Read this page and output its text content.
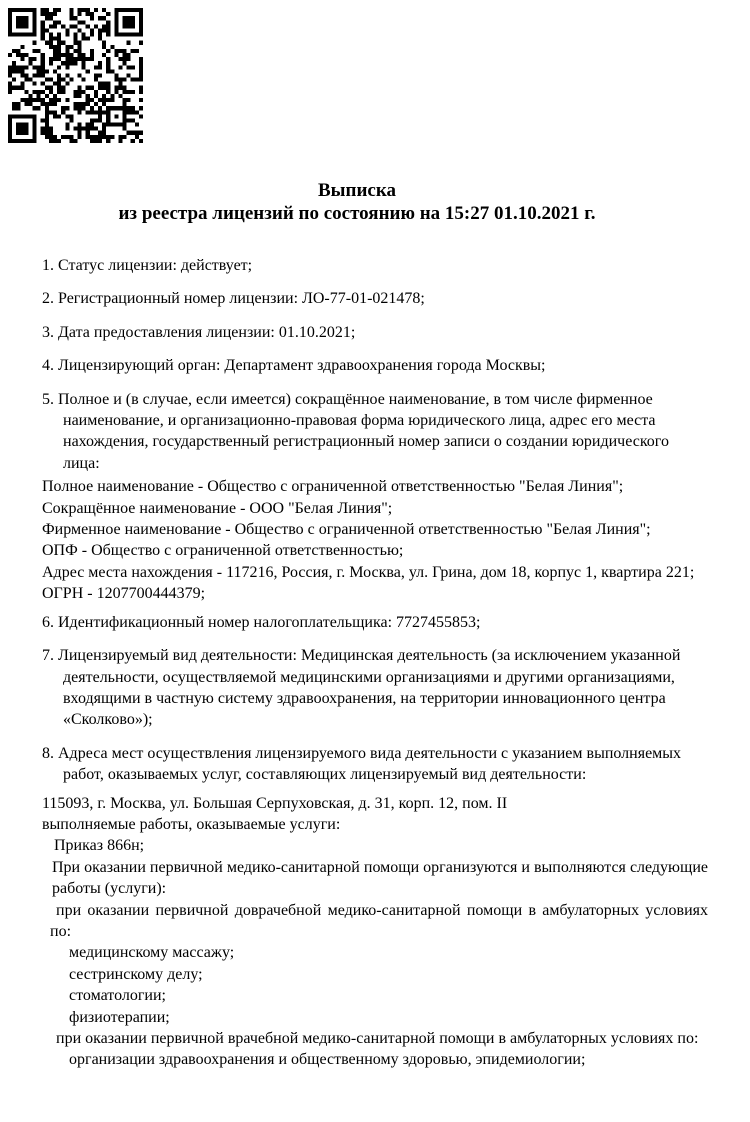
Выписка

из реестра лицензий по состоянию на 15:27 01.10.2021 г.

1. Статус лицензии: действует;

2. Регистрационный номер лицензии: ЛО-77-01-021478;

3. Дата предоставления лицензии: 01.10.2021;

4. Лицензирующий орган: Департамент здравоохранения города Москвы;

5. Полное и (в случае, если имеется) сокращённое наименование, в том числе фирменное наименование, и организационно-правовая форма юридического лица, адрес его места нахождения, государственный регистрационный номер записи о создании юридического лица:

Полное наименование - Общество с ограниченной ответственностью "Белая Линия";

Сокращённое наименование - ООО "Белая Линия";

Фирменное наименование - Общество с ограниченной ответственностью "Белая Линия";

ОПФ - Общество с ограниченной ответственностью;

Адрес места нахождения - 117216, Россия, г. Москва, ул. Грина, дом 18, корпус 1, квартира 221;

ОГРН - 1207700444379;

6. Идентификационный номер налогоплательщика: 7727455853;

7. Лицензируемый вид деятельности: Медицинская деятельность (за исключением указанной деятельности, осуществляемой медицинскими организациями и другими организациями, входящими в частную систему здравоохранения, на территории инновационного центра «Сколково»);

8. Адреса мест осуществления лицензируемого вида деятельности с указанием выполняемых работ, оказываемых услуг, составляющих лицензируемый вид деятельности:

115093, г. Москва, ул. Большая Серпуховская, д. 31, корп. 12, пом. II

выполняемые работы, оказываемые услуги:

Приказ 866н;

При оказании первичной медико-санитарной помощи организуются и выполняются следующие работы (услуги):

при оказании первичной доврачебной медико-санитарной помощи в амбулаторных условиях по:

медицинскому массажу;

сестринскому делу;

стоматологии;

физиотерапии;

при оказании первичной врачебной медико-санитарной помощи в амбулаторных условиях по:

организации здравоохранения и общественному здоровью, эпидемиологии;
